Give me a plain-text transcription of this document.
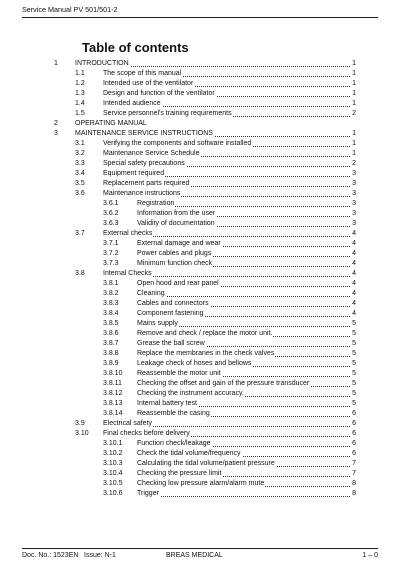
Service Manual PV 501/501-2
Table of contents
1 INTRODUCTION	1
1.1	The scope of this manual	1
1.2	Intended use of the ventilator	1
1.3	Design and function of the ventilator	1
1.4	Intended audience	1
1.5	Service personnel's training requirements	2
2 OPERATING MANUAL
3 MAINTENANCE SERVICE INSTRUCTIONS	1
3.1	Verifying the components and software installed	1
3.2	Maintenance Service Schedule	1
3.3	Special safety precautions	2
3.4	Equipment required	3
3.5	Replacement parts required	3
3.6	Maintenance instructions	3
3.6.1	Registration	3
3.6.2	Information from the user	3
3.6.3	Validity of documentation	3
3.7	External checks	4
3.7.1	External damage and wear	4
3.7.2	Power cables and plugs	4
3.7.3	Minimum function check	4
3.8	Internal Checks	4
3.8.1	Open hood and rear panel	4
3.8.2	Cleaning	4
3.8.3	Cables and connectors	4
3.8.4	Component fastening	4
3.8.5	Mains supply	5
3.8.6	Remove and check / replace the motor unit.	5
3.8.7	Grease the ball screw	5
3.8.8	Replace the membranes in the check valves	5
3.8.9	Leakage check of hoses and bellows	5
3.8.10 Reassemble the motor unit	5
3.8.11 Checking the offset and gain of the pressure transducer	5
3.8.12 Checking the instrument accuracy.	5
3.8.13 Internal battery test	5
3.8.14 Reassemble the casing	6
3.9	Electrical safety	6
3.10 Final checks before delivery	6
3.10.1 Function check/leakage	6
3.10.2 Check the tidal volume/frequency	6
3.10.3 Calculating the tidal volume/patient pressure	7
3.10.4 Checking the pressure limit	7
3.10.5 Checking low pressure alarm/alarm mute	8
3.10.6 Trigger	8
Doc. No.: 1523EN Issue: N-1	BREAS MEDICAL	1 – 0
